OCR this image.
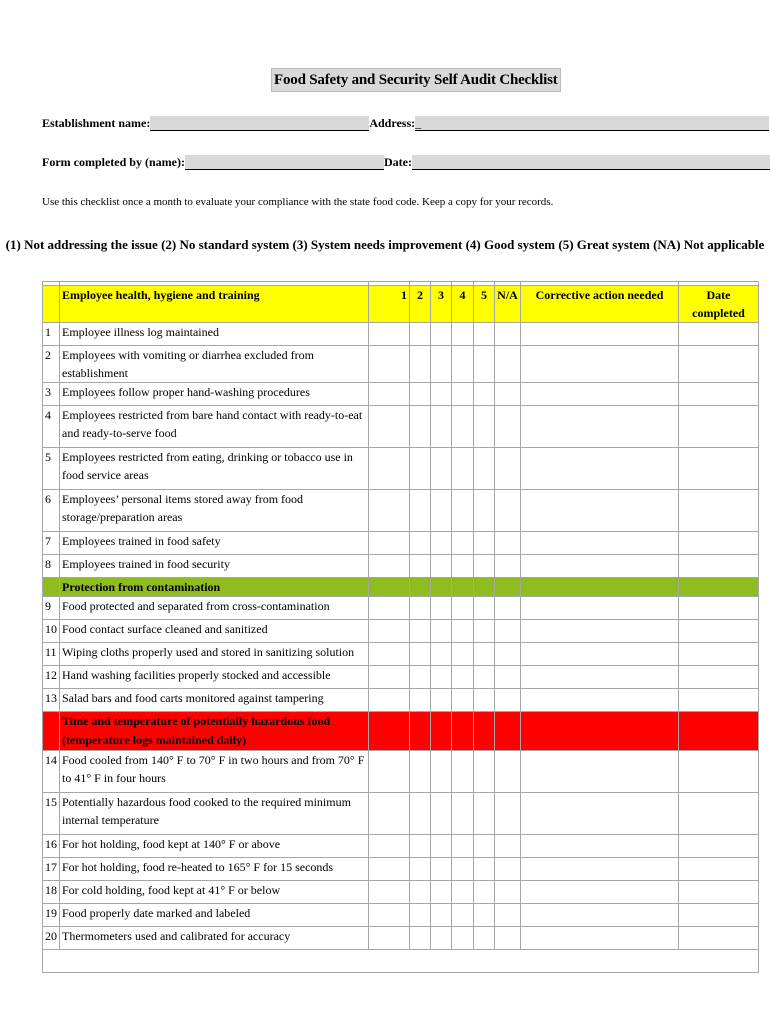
Food Safety and Security Self Audit Checklist
Establishment name:	Address: _
Form completed by (name):	Date:
Use this checklist once a month to evaluate your compliance with the state food code. Keep a copy for your records.
(1) Not addressing the issue (2) No standard system (3) System needs improvement (4) Good system (5) Great system (NA) Not applicable

	Employee health, hygiene and training	1	2	3	4	5	N/A	Corrective action needed	Date completed
1	Employee illness log maintained								
2	Employees with vomiting or diarrhea excluded from establishment								
3	Employees follow proper hand-washing procedures								
4	Employees restricted from bare hand contact with ready-to-eat and ready-to-serve food								
5	Employees restricted from eating, drinking or tobacco use in food service areas								
6	Employees’ personal items stored away from food storage/preparation areas								
7	Employees trained in food safety								
8	Employees trained in food security								
	Protection from contamination								
9	Food protected and separated from cross-contamination								
10	Food contact surface cleaned and sanitized								
11	Wiping cloths properly used and stored in sanitizing solution								
12	Hand washing facilities properly stocked and accessible								
13	Salad bars and food carts monitored against tampering								
	Time and temperature of potentially hazardous food (temperature logs maintained daily)								
14	Food cooled from 140° F to 70° F in two hours and from 70° F to 41° F in four hours								
15	Potentially hazardous food cooked to the required minimum internal temperature								
16	For hot holding, food kept at 140° F or above								
17	For hot holding, food re-heated to 165° F for 15 seconds								
18	For cold holding, food kept at 41° F or below								
19	Food properly date marked and labeled								
20	Thermometers used and calibrated for accuracy								
